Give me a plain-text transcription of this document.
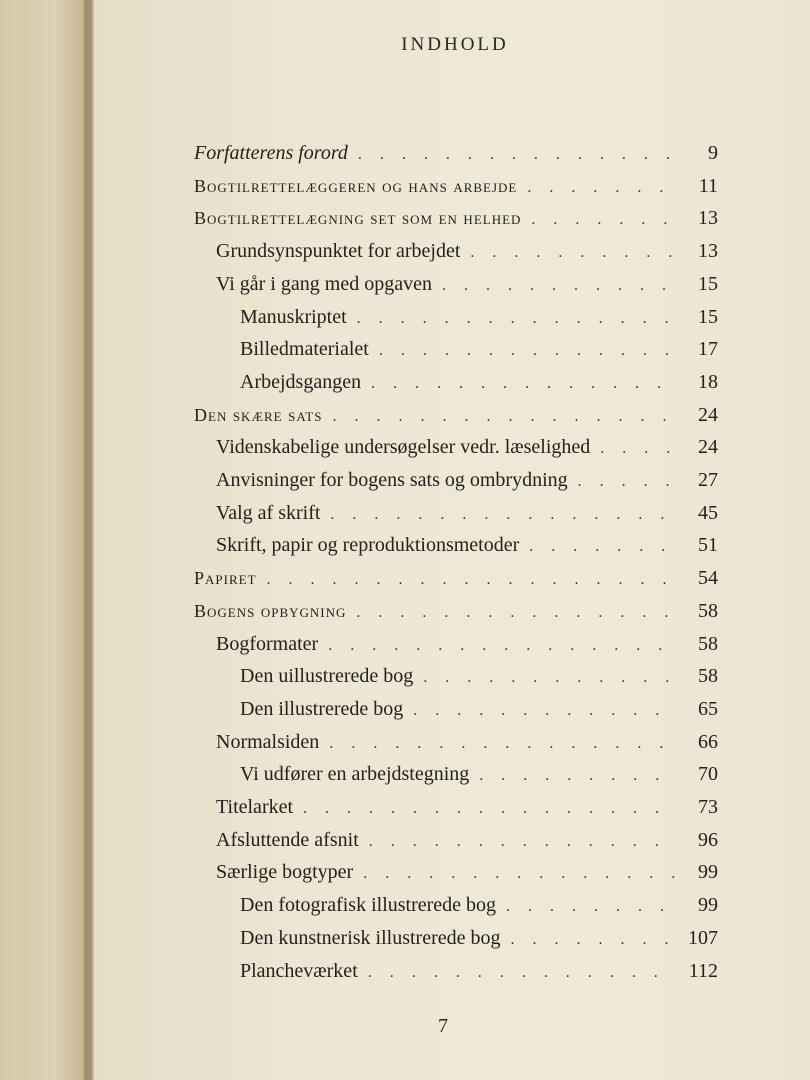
INDHOLD
Forfatterens forord . . .	9
Bogtilrettelæggeren og hans arbejde . . .	11
Bogtilrettelægning set som en helhed . . .	13
Grundsynspunktet for arbejdet . . .	13
Vi går i gang med opgaven . . .	15
Manuskriptet . . .	15
Billedmaterialet . . .	17
Arbejdsgangen . . .	18
Den skære sats . . .	24
Videnskabelige undersøgelser vedr. læselighed . . .	24
Anvisninger for bogens sats og ombrydning . . .	27
Valg af skrift . . .	45
Skrift, papir og reproduktionsmetoder . . .	51
Papiret . . .	54
Bogens opbygning . . .	58
Bogformater . . .	58
Den uillustrerede bog . . .	58
Den illustrerede bog . . .	65
Normalsiden . . .	66
Vi udfører en arbejdstegning . . .	70
Titelarket . . .	73
Afsluttende afsnit . . .	96
Særlige bogtyper . . .	99
Den fotografisk illustrerede bog . . .	99
Den kunstnerisk illustrerede bog . . .	107
Plancheværket . . .	112
7
